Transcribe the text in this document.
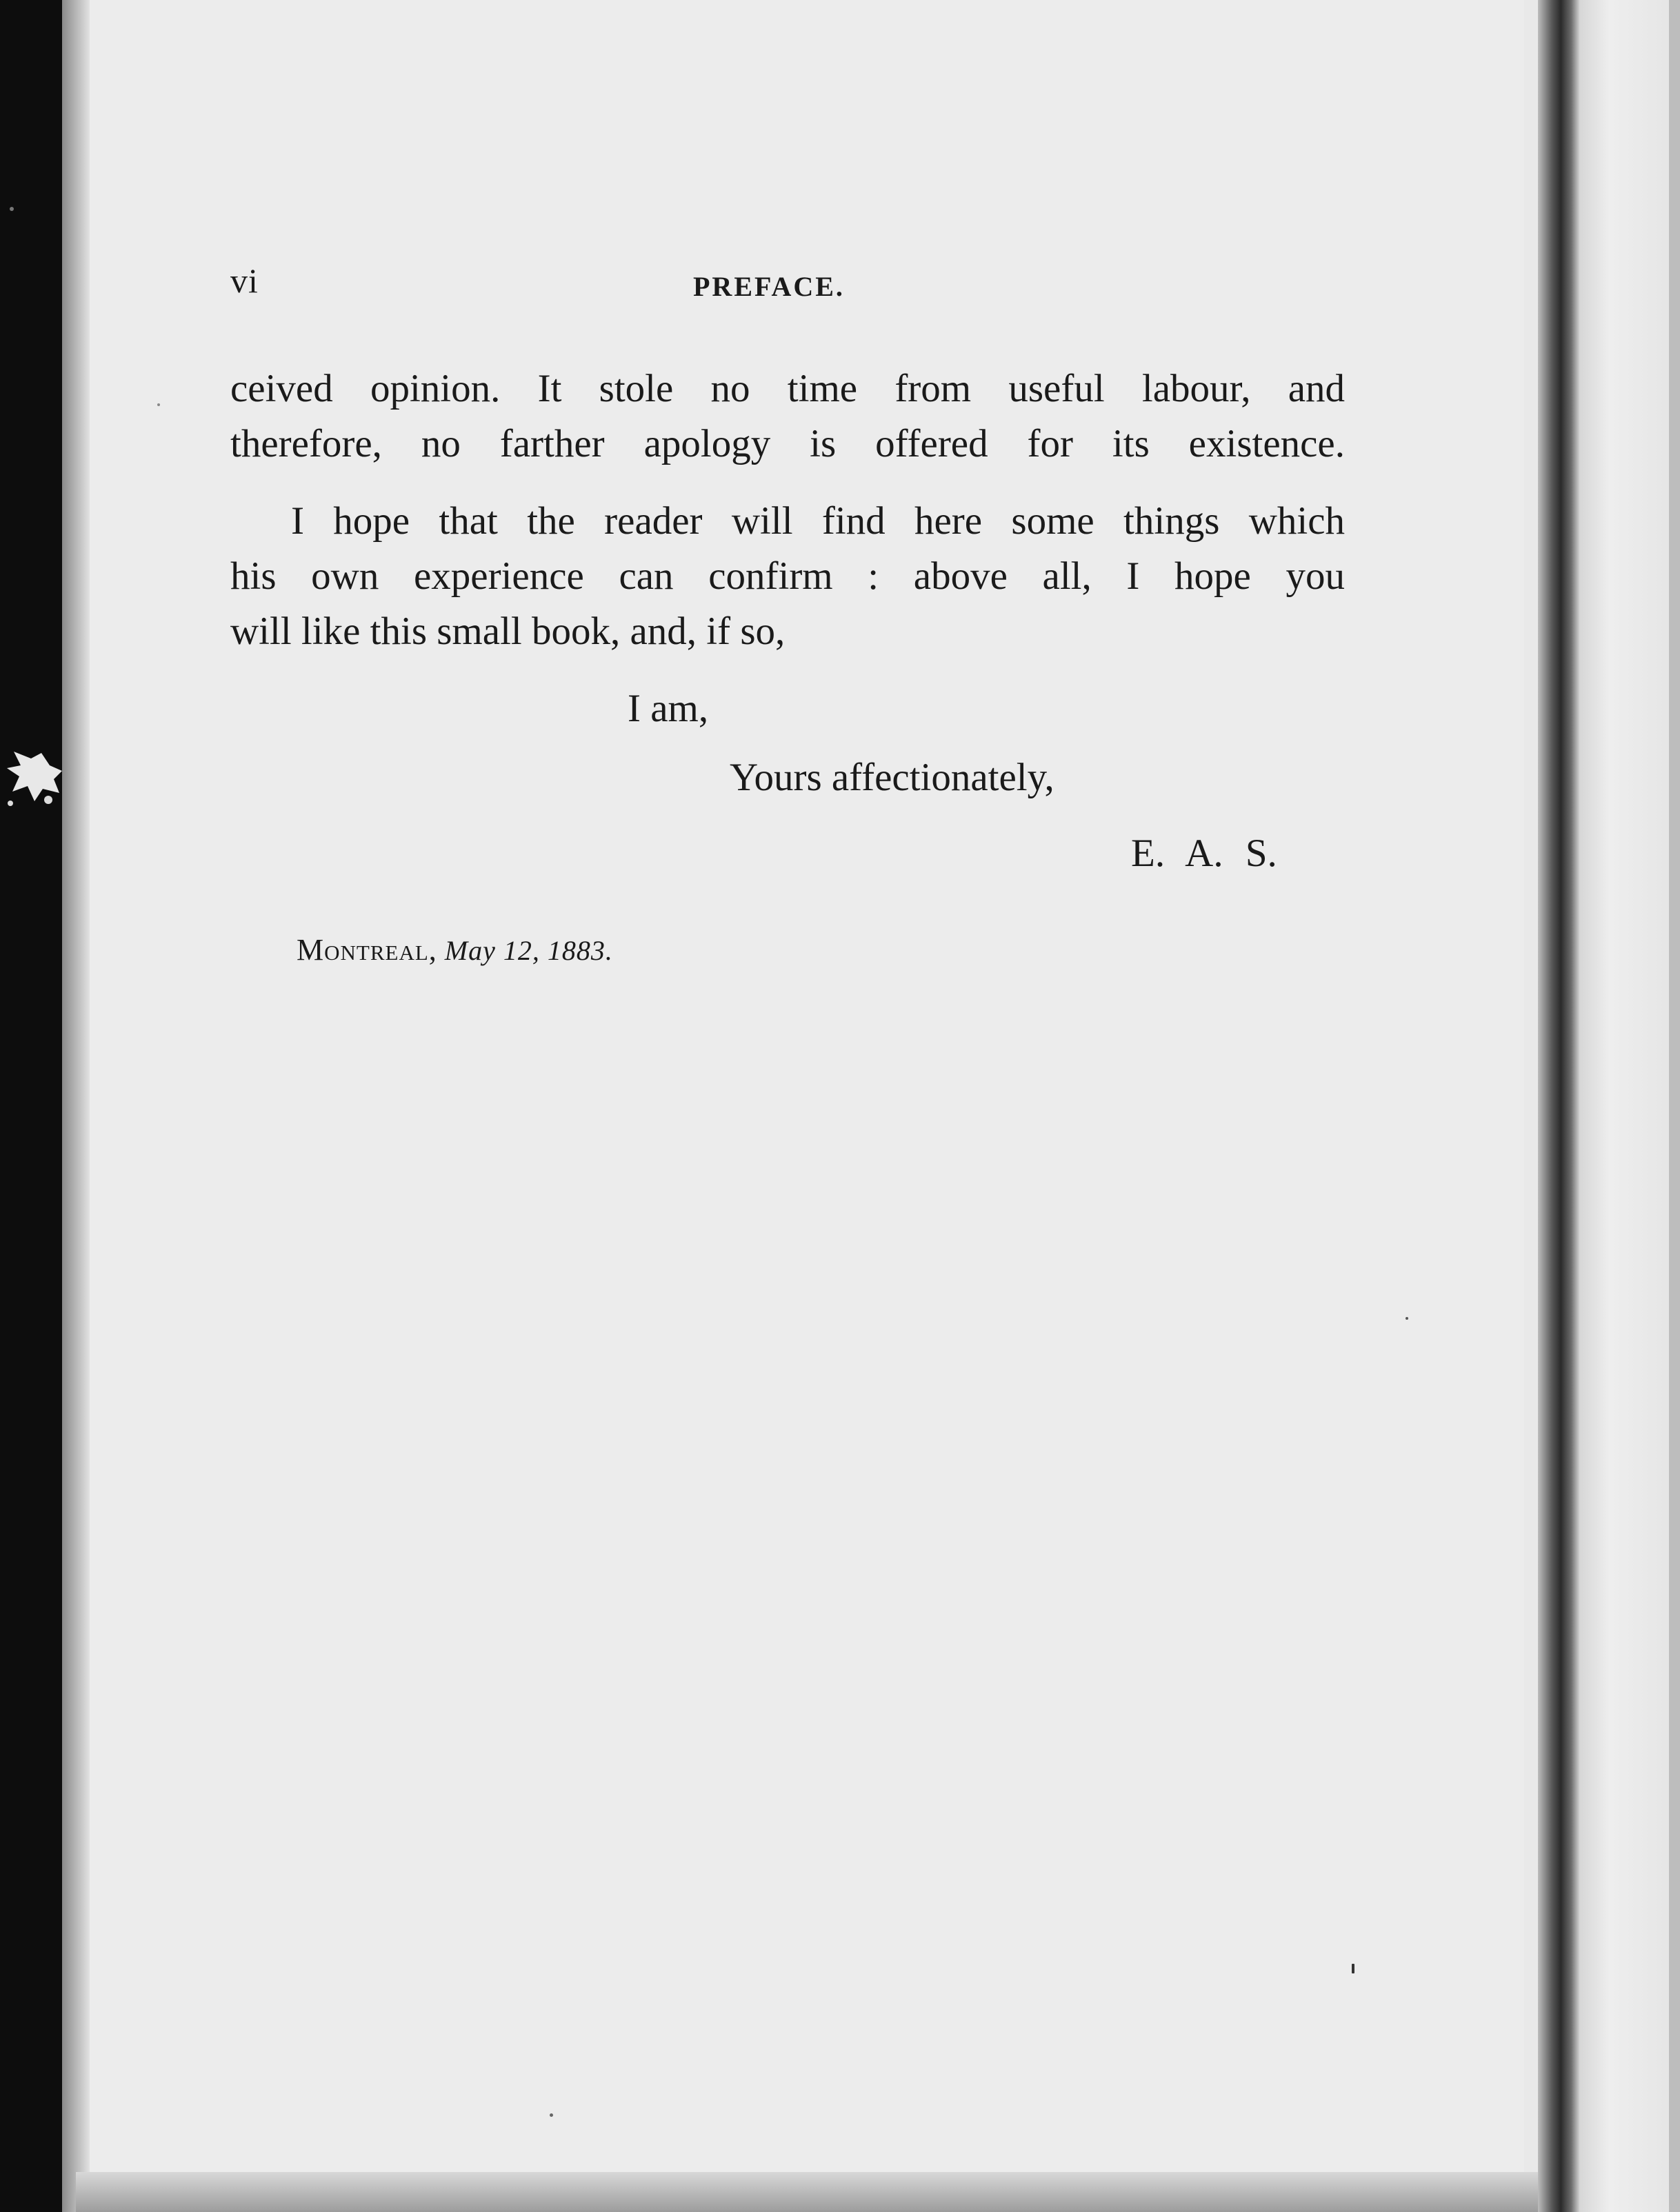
vi	PREFACE.
ceived opinion. It stole no time from useful labour, and
therefore, no farther apology is offered for its existence.
I hope that the reader will find here some things which
his own experience can confirm : above all, I hope you
will like this small book, and, if so,
I am,
Yours affectionately,
E. A. S.
Montreal, May 12, 1883.
